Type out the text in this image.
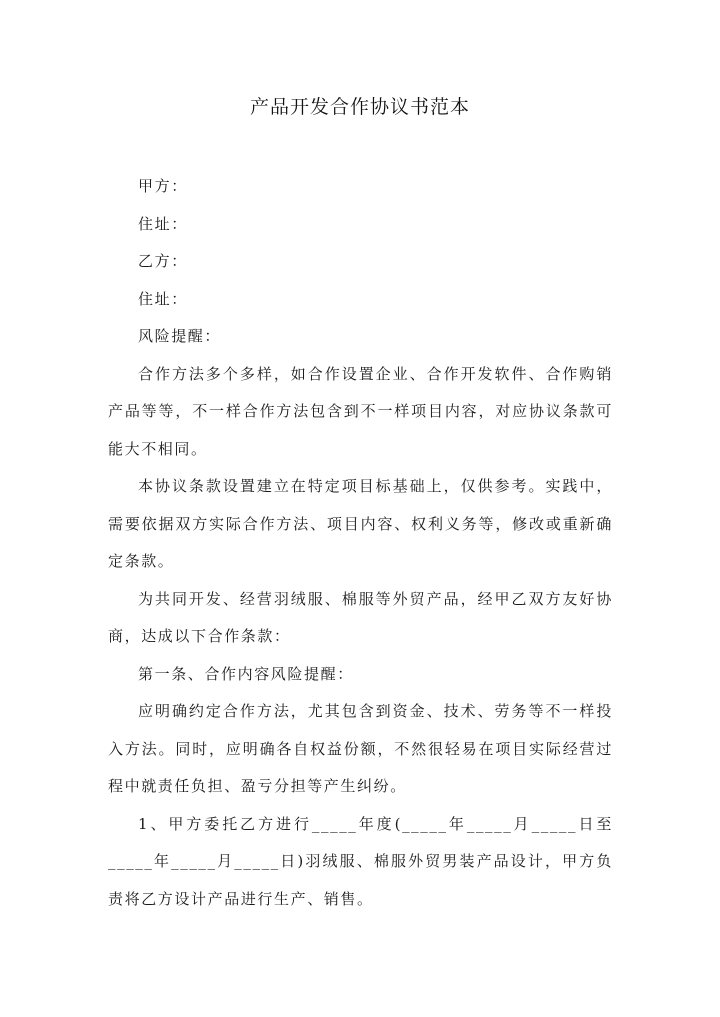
产品开发合作协议书范本

甲方：

住址：

乙方：

住址：

风险提醒：

合作方法多个多样，如合作设置企业、合作开发软件、合作购销产品等等，不一样合作方法包含到不一样项目内容，对应协议条款可能大不相同。

本协议条款设置建立在特定项目标基础上，仅供参考。实践中，需要依据双方实际合作方法、项目内容、权利义务等，修改或重新确定条款。

为共同开发、经营羽绒服、棉服等外贸产品，经甲乙双方友好协商，达成以下合作条款：

第一条、合作内容风险提醒：

应明确约定合作方法，尤其包含到资金、技术、劳务等不一样投入方法。同时，应明确各自权益份额，不然很轻易在项目实际经营过程中就责任负担、盈亏分担等产生纠纷。

1、甲方委托乙方进行_____年度(_____年_____月_____日至_____年_____月_____日)羽绒服、棉服外贸男装产品设计，甲方负责将乙方设计产品进行生产、销售。
